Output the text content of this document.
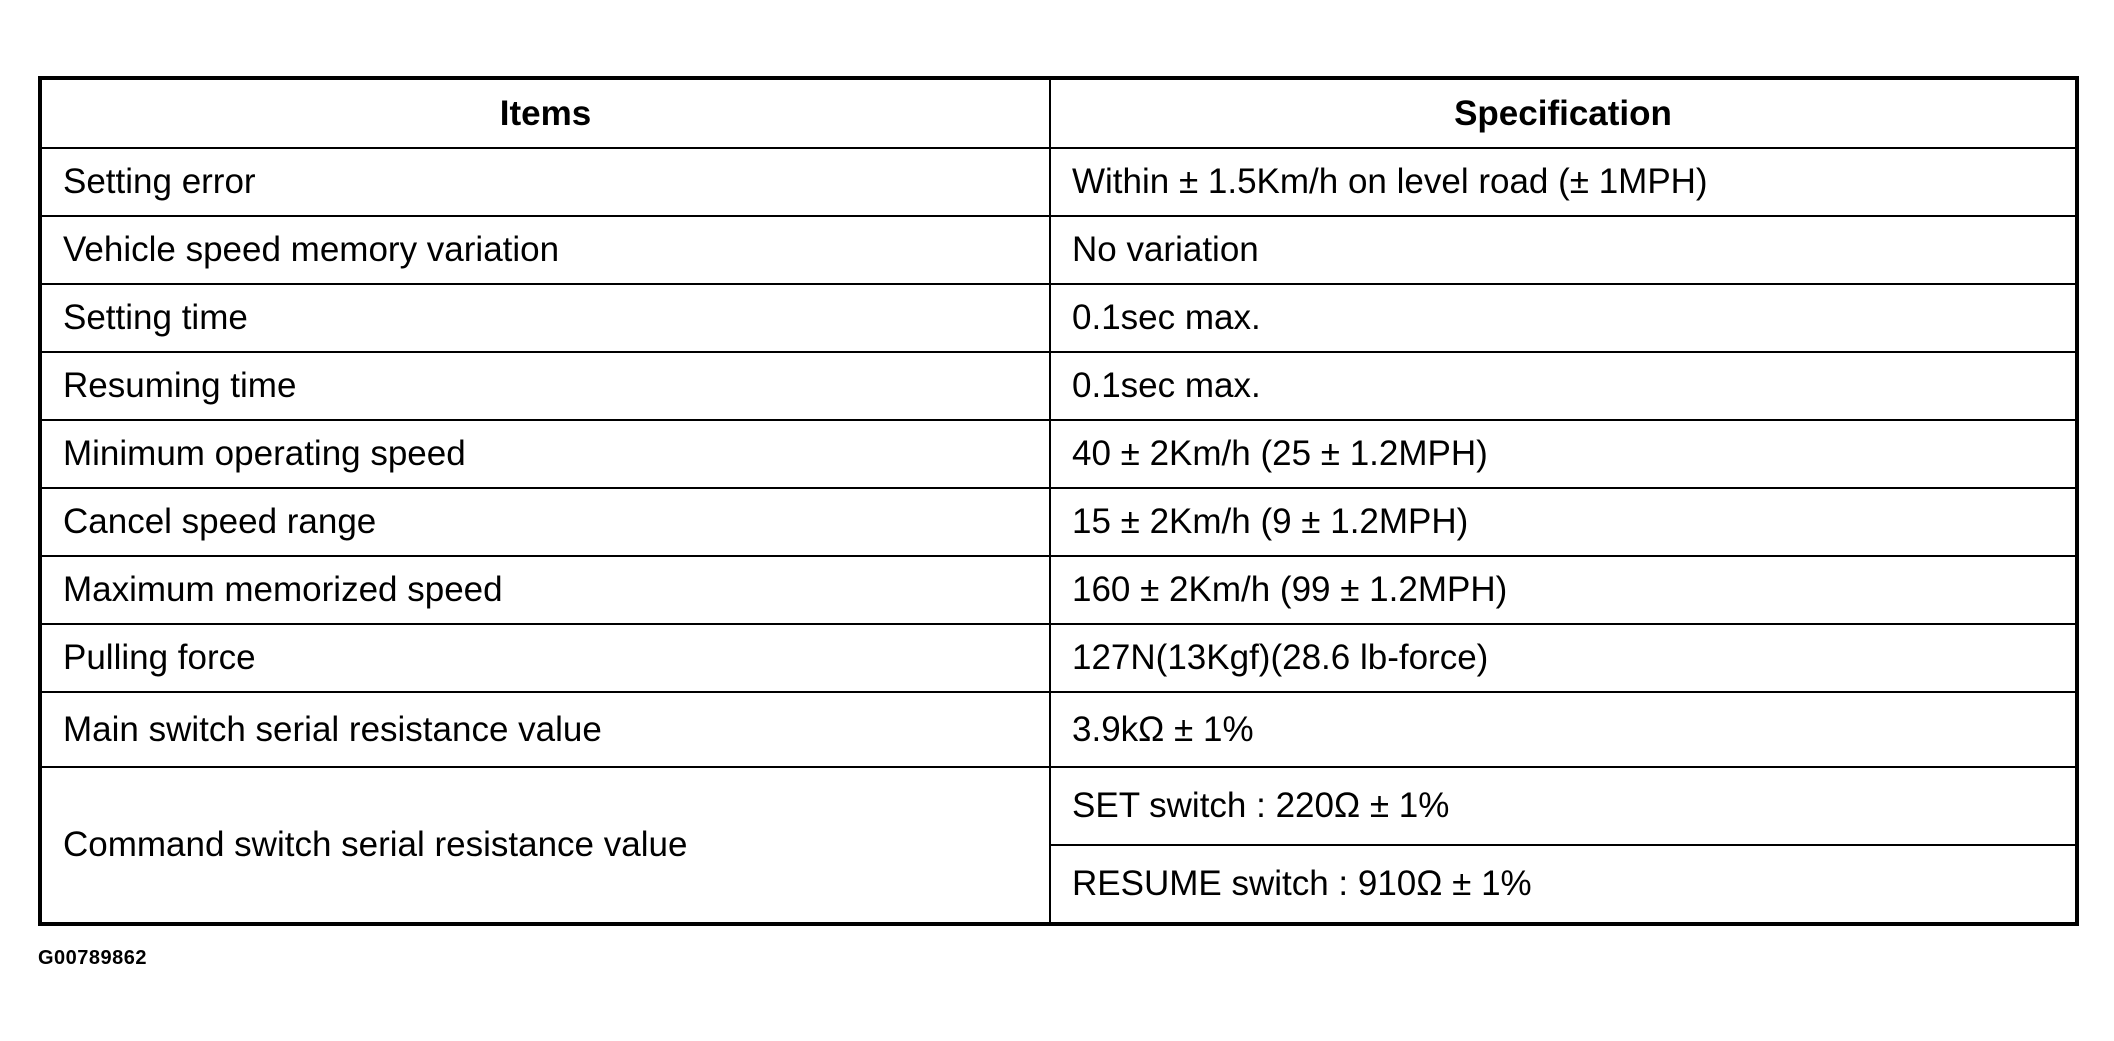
Items	Specification
Setting error	Within ± 1.5Km/h on level road (± 1MPH)
Vehicle speed memory variation	No variation
Setting time	0.1sec max.
Resuming time	0.1sec max.
Minimum operating speed	40 ± 2Km/h (25 ± 1.2MPH)
Cancel speed range	15 ± 2Km/h (9 ± 1.2MPH)
Maximum memorized speed	160 ± 2Km/h (99 ± 1.2MPH)
Pulling force	127N(13Kgf)(28.6 lb-force)
Main switch serial resistance value	3.9kΩ ± 1%
Command switch serial resistance value	SET switch : 220Ω ± 1%
	RESUME switch : 910Ω ± 1%
G00789862
